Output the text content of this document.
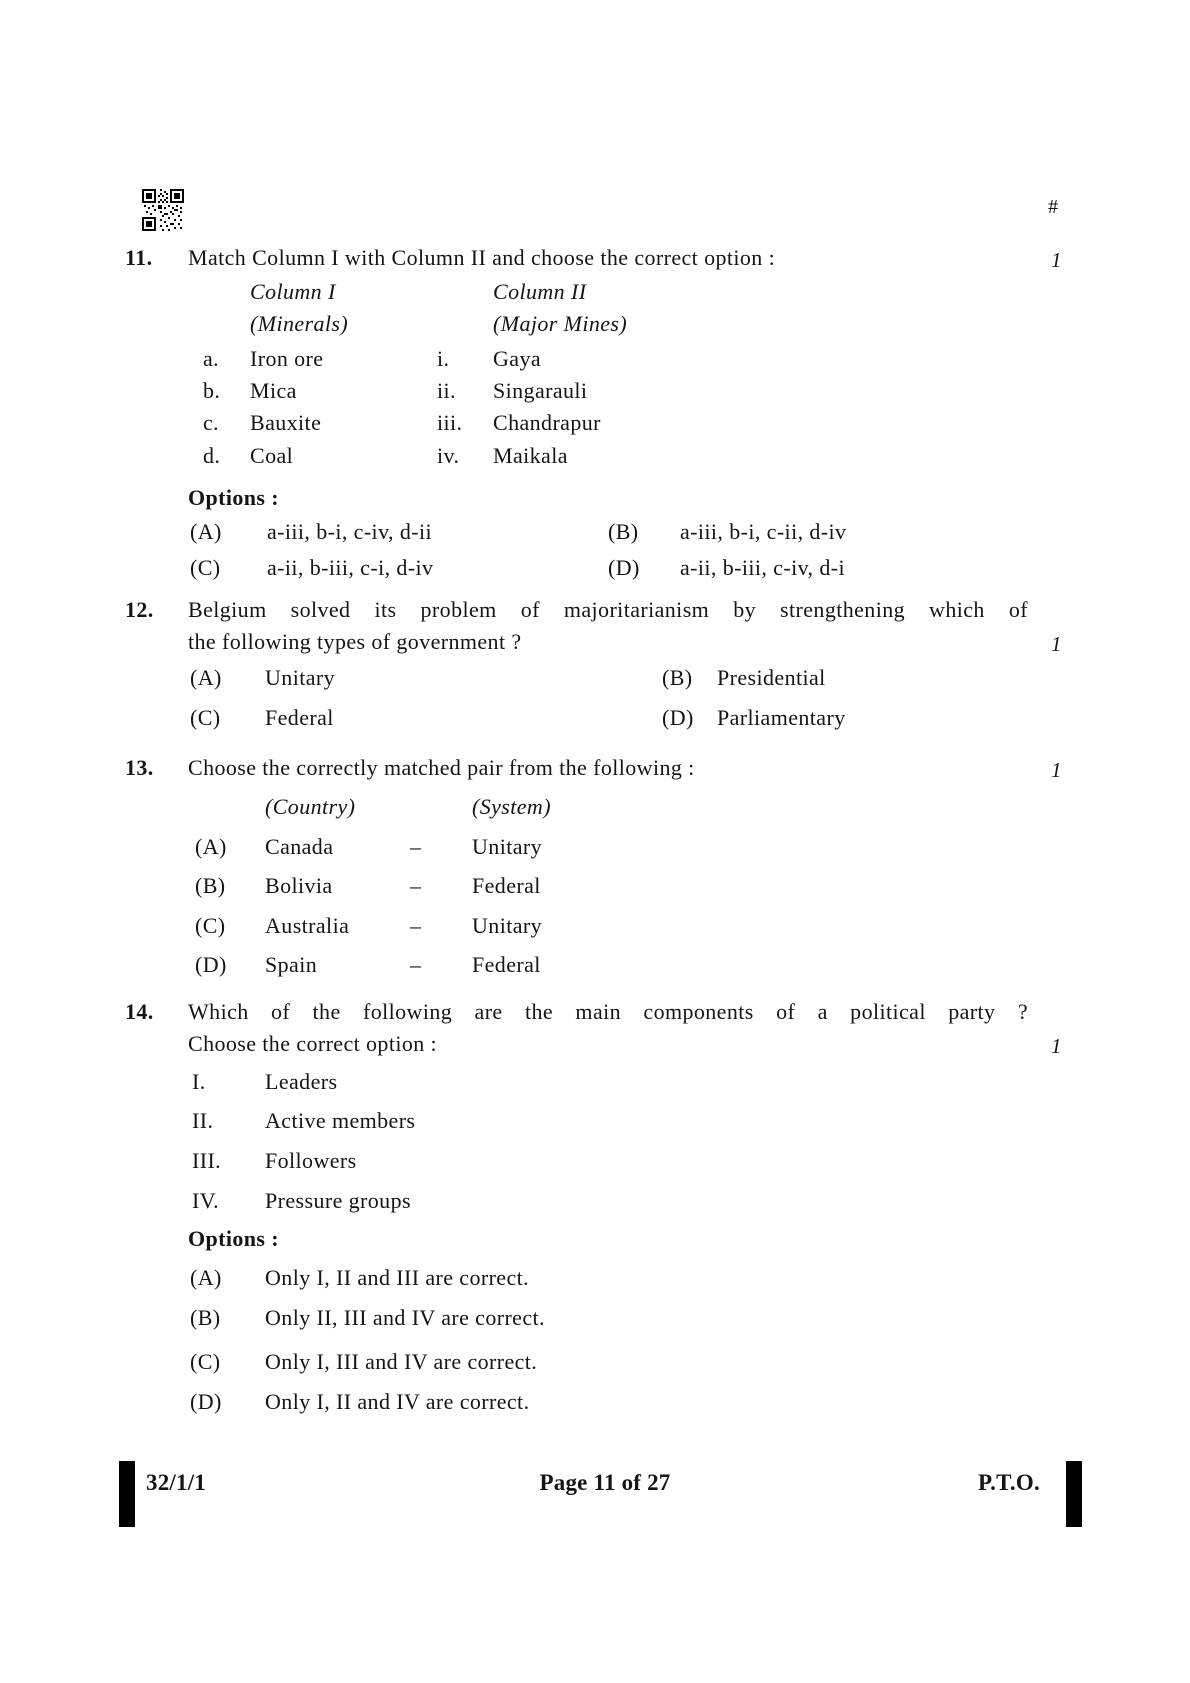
#
11. Match Column I with Column II and choose the correct option :	1
Column I	Column II
(Minerals)	(Major Mines)
a. Iron ore	i. Gaya
b. Mica	ii. Singarauli
c. Bauxite	iii. Chandrapur
d. Coal	iv. Maikala
Options :
(A) a-iii, b-i, c-iv, d-ii	(B) a-iii, b-i, c-ii, d-iv
(C) a-ii, b-iii, c-i, d-iv	(D) a-ii, b-iii, c-iv, d-i
12. Belgium solved its problem of majoritarianism by strengthening which of
the following types of government ?	1
(A) Unitary	(B) Presidential
(C) Federal	(D) Parliamentary
13. Choose the correctly matched pair from the following :	1
(Country)	(System)
(A) Canada	– Unitary
(B) Bolivia	– Federal
(C) Australia	– Unitary
(D) Spain	– Federal
14. Which of the following are the main components of a political party ?
Choose the correct option :	1
I.	Leaders
II. Active members
III. Followers
IV. Pressure groups
Options :
(A) Only I, II and III are correct.
(B) Only II, III and IV are correct.
(C) Only I, III and IV are correct.
(D) Only I, II and IV are correct.
32/1/1	Page 11 of 27	P.T.O.
